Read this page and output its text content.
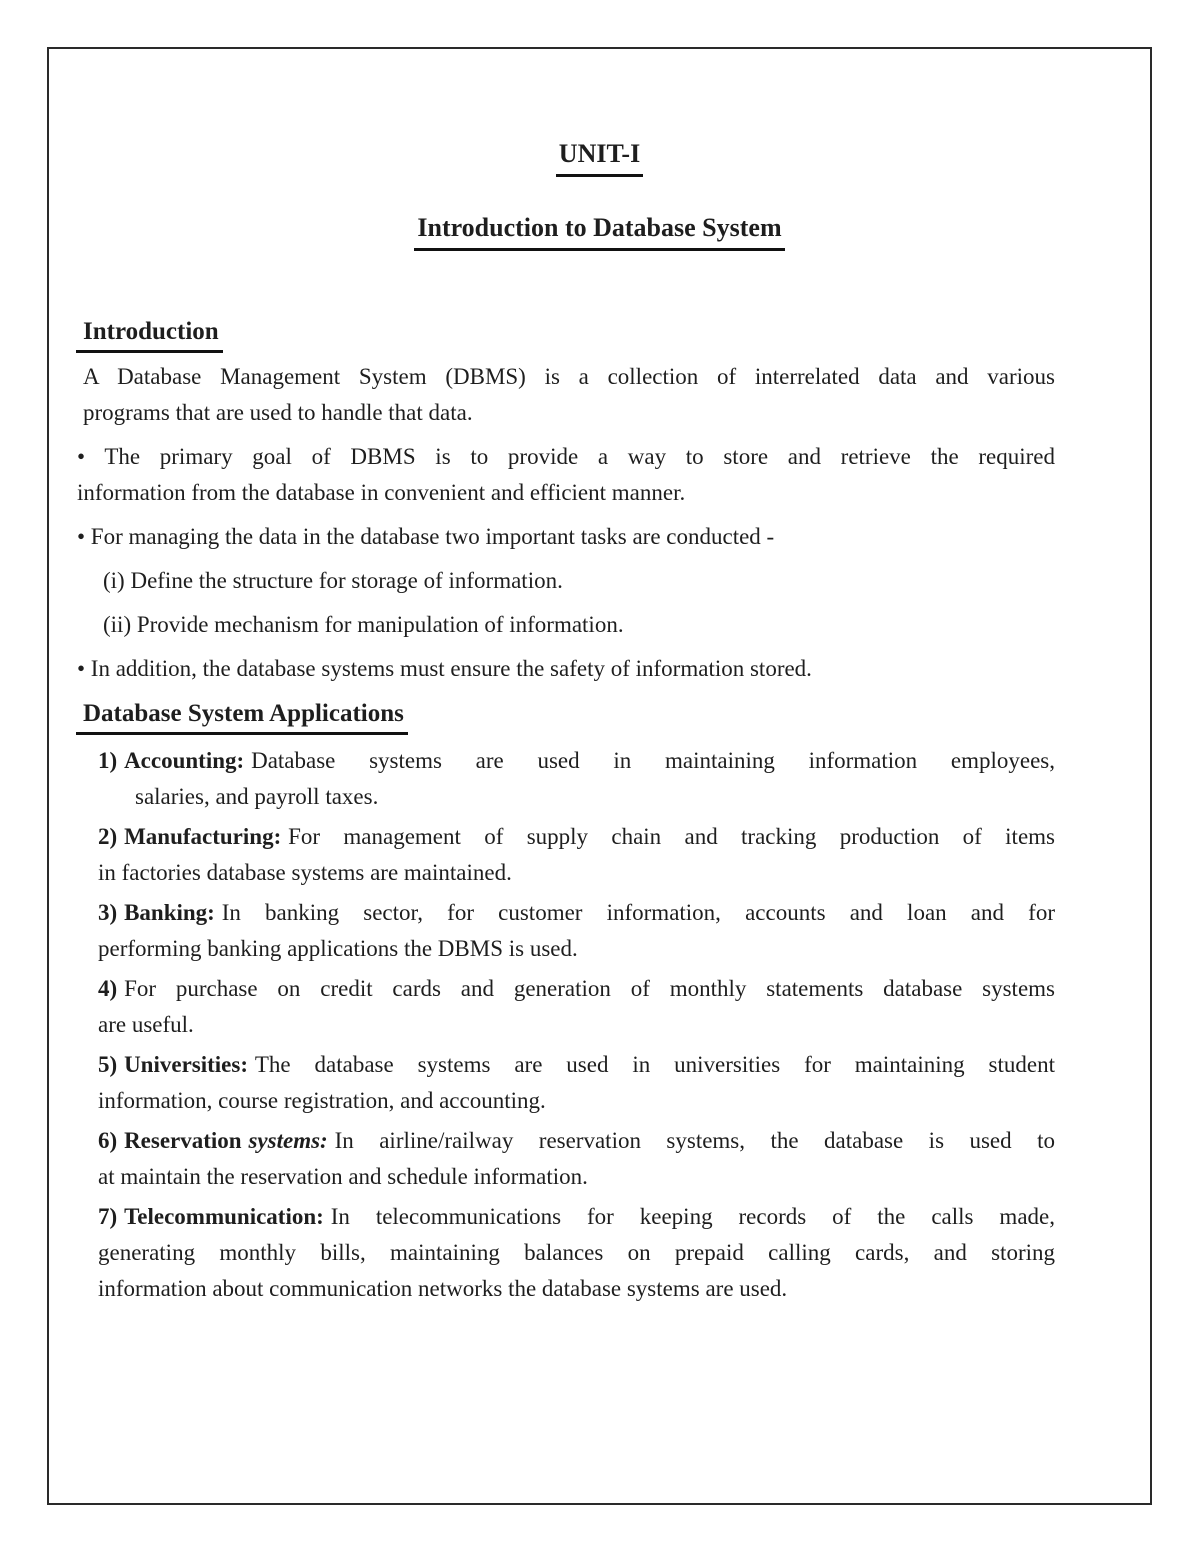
UNIT-I
Introduction to Database System
Introduction
A Database Management System (DBMS) is a collection of interrelated data and various
programs that are used to handle that data.
• The primary goal of DBMS is to provide a way to store and retrieve the required
information from the database in convenient and efficient manner.
• For managing the data in the database two important tasks are conducted -
(i) Define the structure for storage of information.
(ii) Provide mechanism for manipulation of information.
• In addition, the database systems must ensure the safety of information stored.
Database System Applications
1) Accounting: Database systems are used in maintaining information employees,
salaries, and payroll taxes.
2) Manufacturing: For management of supply chain and tracking production of items
in factories database systems are maintained.
3) Banking: In banking sector, for customer information, accounts and loan and for
performing banking applications the DBMS is used.
4) For purchase on credit cards and generation of monthly statements database systems
are useful.
5) Universities: The database systems are used in universities for maintaining student
information, course registration, and accounting.
6) Reservation systems: In airline/railway reservation systems, the database is used to
at maintain the reservation and schedule information.
7) Telecommunication: In telecommunications for keeping records of the calls made,
generating monthly bills, maintaining balances on prepaid calling cards, and storing
information about communication networks the database systems are used.
